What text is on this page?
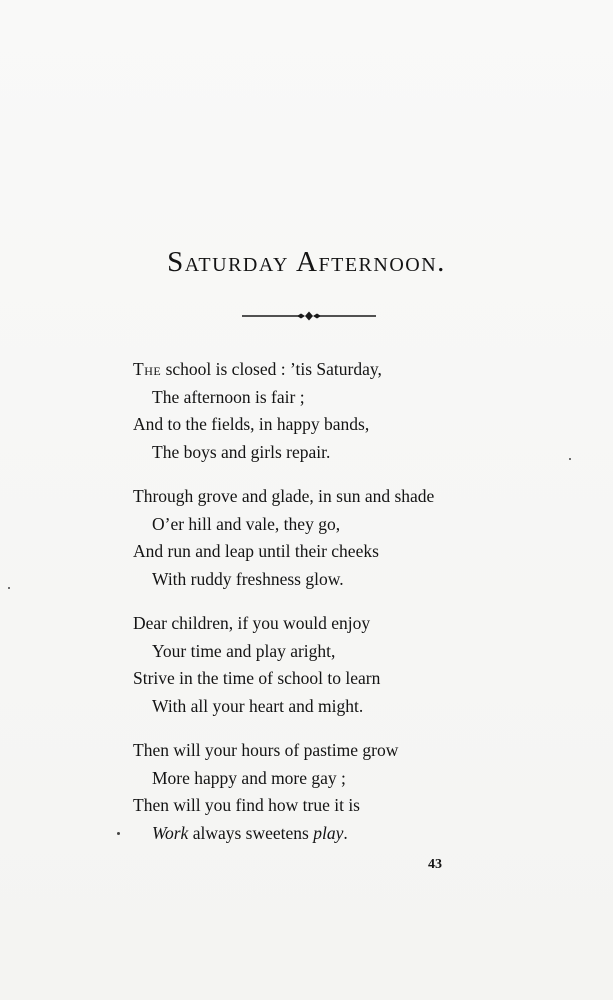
Saturday Afternoon.
The school is closed : ’tis Saturday,
The afternoon is fair ;
And to the fields, in happy bands,
The boys and girls repair.
Through grove and glade, in sun and shade
O’er hill and vale, they go,
And run and leap until their cheeks
With ruddy freshness glow.
Dear children, if you would enjoy
Your time and play aright,
Strive in the time of school to learn
With all your heart and might.
Then will your hours of pastime grow
More happy and more gay ;
Then will you find how true it is
Work always sweetens play.
43
